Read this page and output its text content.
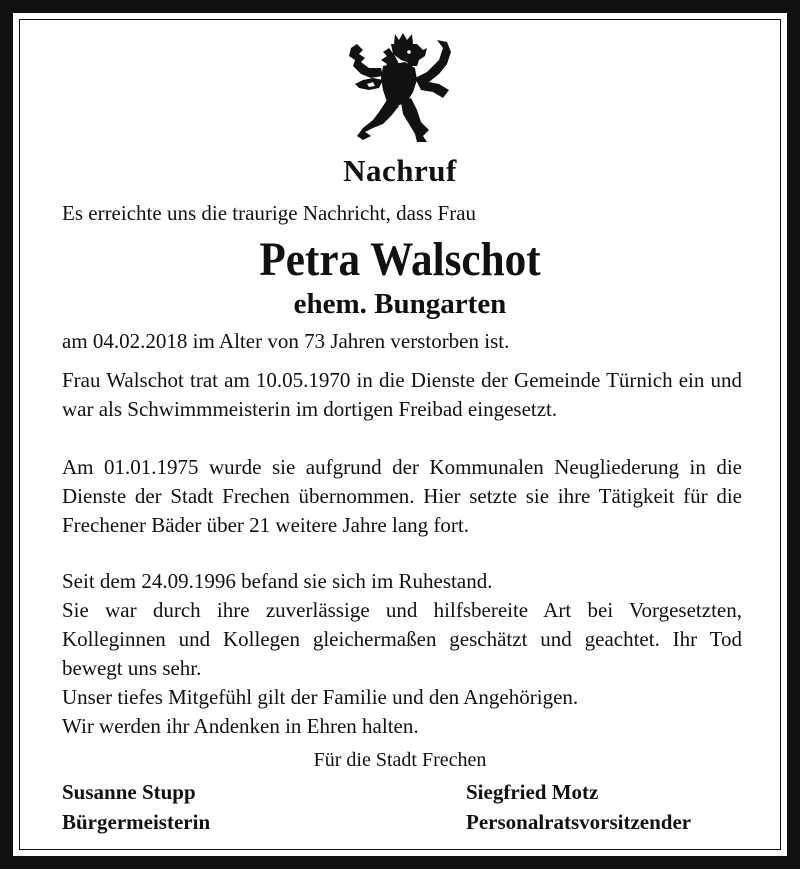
Nachruf
Es erreichte uns die traurige Nachricht, dass Frau
Petra Walschot
ehem. Bungarten
am 04.02.2018 im Alter von 73 Jahren verstorben ist.
Frau Walschot trat am 10.05.1970 in die Dienste der Gemeinde Türnich ein und war als Schwimmmeisterin im dortigen Freibad eingesetzt.
Am 01.01.1975 wurde sie aufgrund der Kommunalen Neugliederung in die Dienste der Stadt Frechen übernommen. Hier setzte sie ihre Tätigkeit für die Frechener Bäder über 21 weitere Jahre lang fort.
Seit dem 24.09.1996 befand sie sich im Ruhestand.
Sie war durch ihre zuverlässige und hilfsbereite Art bei Vorgesetzten, Kolleginnen und Kollegen gleichermaßen geschätzt und geachtet. Ihr Tod bewegt uns sehr.
Unser tiefes Mitgefühl gilt der Familie und den Angehörigen.
Wir werden ihr Andenken in Ehren halten.
Für die Stadt Frechen
Susanne Stupp
Bürgermeisterin
Siegfried Motz
Personalratsvorsitzender
